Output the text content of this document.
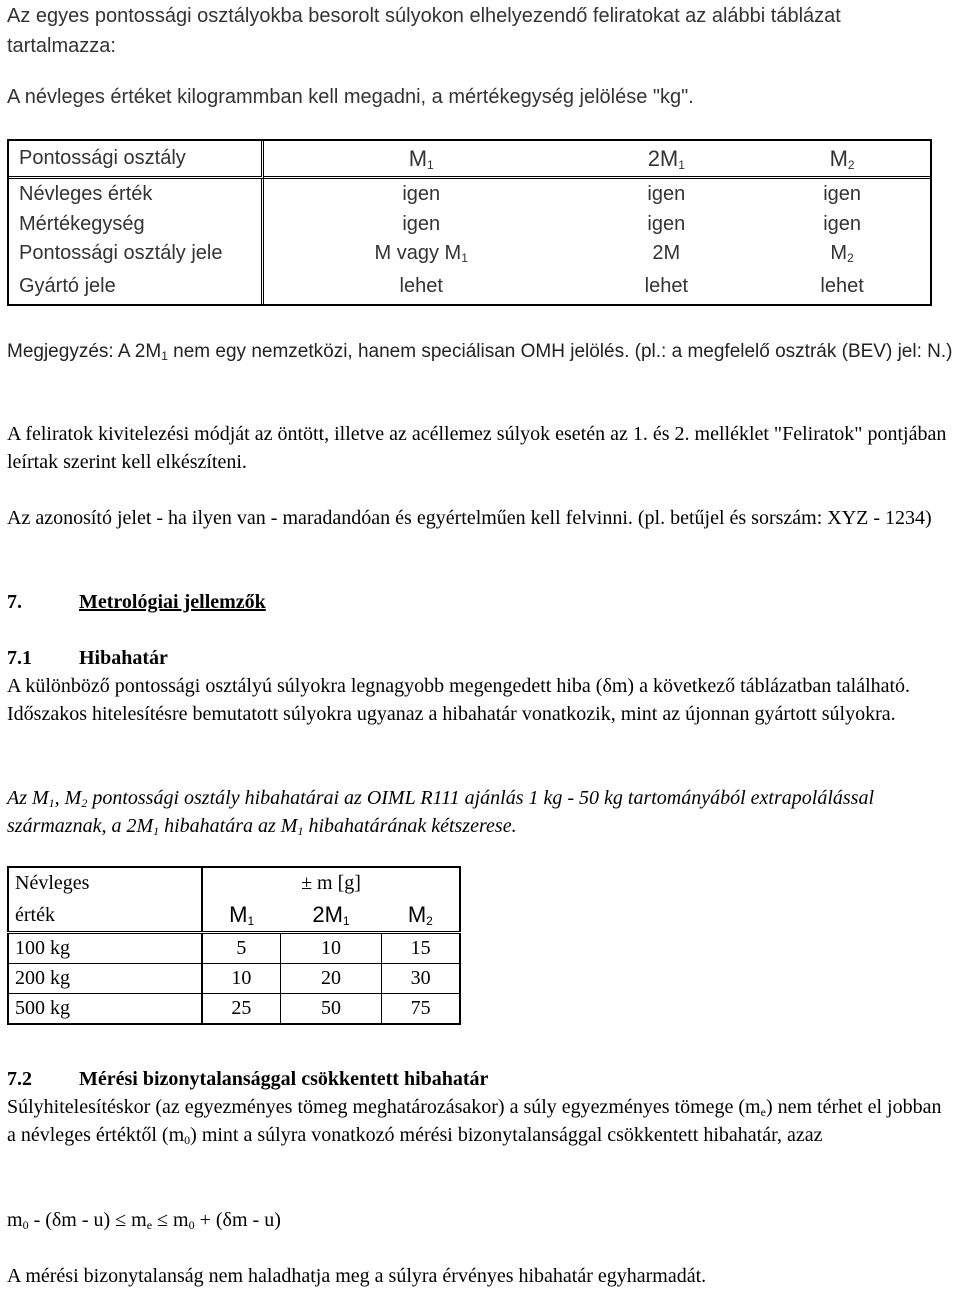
Az egyes pontossági osztályokba besorolt súlyokon elhelyezendő feliratokat az alábbi táblázat tartalmazza:

A névleges értéket kilogrammban kell megadni, a mértékegység jelölése "kg".

Pontossági osztály	$M_1$	$2M_1$	$M_2$
Névleges érték	igen	igen	igen
Mértékegység	igen	igen	igen
Pontossági osztály jele	M vagy $M_1$	2M	$M_2$
Gyártó jele	lehet	lehet	lehet

Megjegyzés: A $2M_1$ nem egy nemzetközi, hanem speciálisan OMH jelölés. (pl.: a megfelelő osztrák (BEV) jel: N.)

A feliratok kivitelezési módját az öntött, illetve az acéllemez súlyok esetén az 1. és 2. melléklet "Feliratok" pontjában leírtak szerint kell elkészíteni.

Az azonosító jelet - ha ilyen van - maradandóan és egyértelműen kell felvinni. (pl. betűjel és sorszám: XYZ - 1234)

7.	Metrológiai jellemzők

7.1 Hibahatár

A különböző pontossági osztályú súlyokra legnagyobb megengedett hiba (δm) a következő táblázatban található. Időszakos hitelesítésre bemutatott súlyokra ugyanaz a hibahatár vonatkozik, mint az újonnan gyártott súlyokra.

Az $M_1$, $M_2$ pontossági osztály hibahatárai az OIML R111 ajánlás 1 kg - 50 kg tartományából extrapolálással származnak, a $2M_1$ hibahatára az $M_1$ hibahatárának kétszerese.

Névleges	± m [g]		
érték	$M_1$	$2M_1$	$M_2$
100 kg	5	10	15
200 kg	10	20	30
500 kg	25	50	75

7.2 Mérési bizonytalansággal csökkentett hibahatár

Súlyhitelesítéskor (az egyezményes tömeg meghatározásakor) a súly egyezményes tömege $(m_e)$ nem térhet el jobban a névleges értéktől $(m_0)$ mint a súlyra vonatkozó mérési bizonytalansággal csökkentett hibahatár, azaz

$m_0 - (\delta m - u) \le m_e \le m_0 + (\delta m - u)$

A mérési bizonytalanság nem haladhatja meg a súlyra érvényes hibahatár egyharmadát.
